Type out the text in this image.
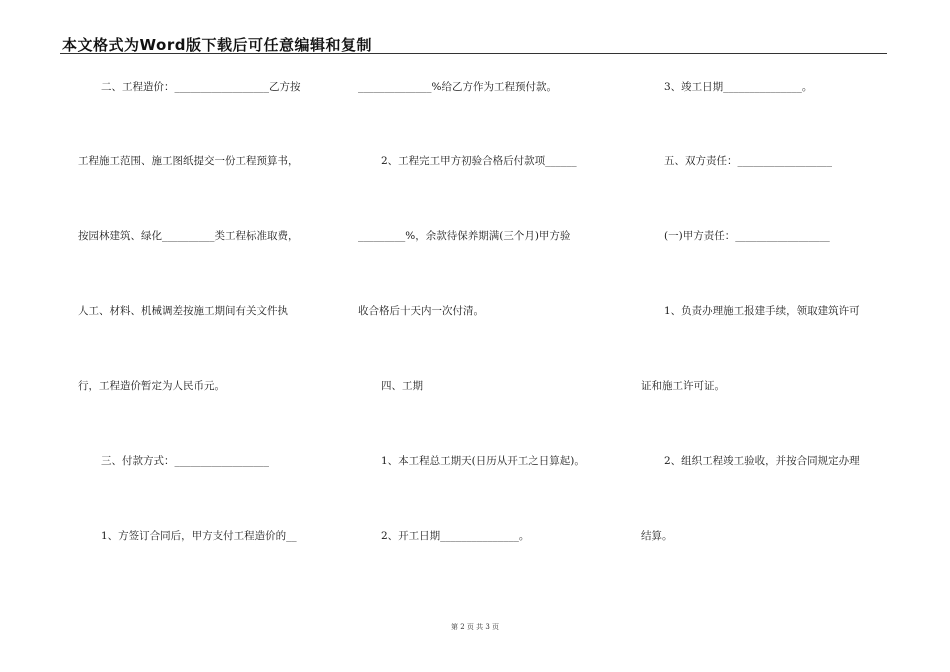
本文格式为Word版下载后可任意编辑和复制
二、工程造价：__________________乙方按
工程施工范围、施工图纸提交一份工程预算书，
按园林建筑、绿化__________类工程标准取费，
人工、材料、机械调差按施工期间有关文件执
行，工程造价暂定为人民币元。
三、付款方式：__________________
1、方签订合同后，甲方支付工程造价的__
______________%给乙方作为工程预付款。
2、工程完工甲方初验合格后付款项______
_________%，余款待保养期满(三个月)甲方验
收合格后十天内一次付清。
四、工期
1、本工程总工期天(日历从开工之日算起)。
2、开工日期_______________。
3、竣工日期_______________。
五、双方责任：__________________
(一)甲方责任：__________________
1、负责办理施工报建手续，领取建筑许可
证和施工许可证。
2、组织工程竣工验收，并按合同规定办理
结算。
第 2 页 共 3 页
